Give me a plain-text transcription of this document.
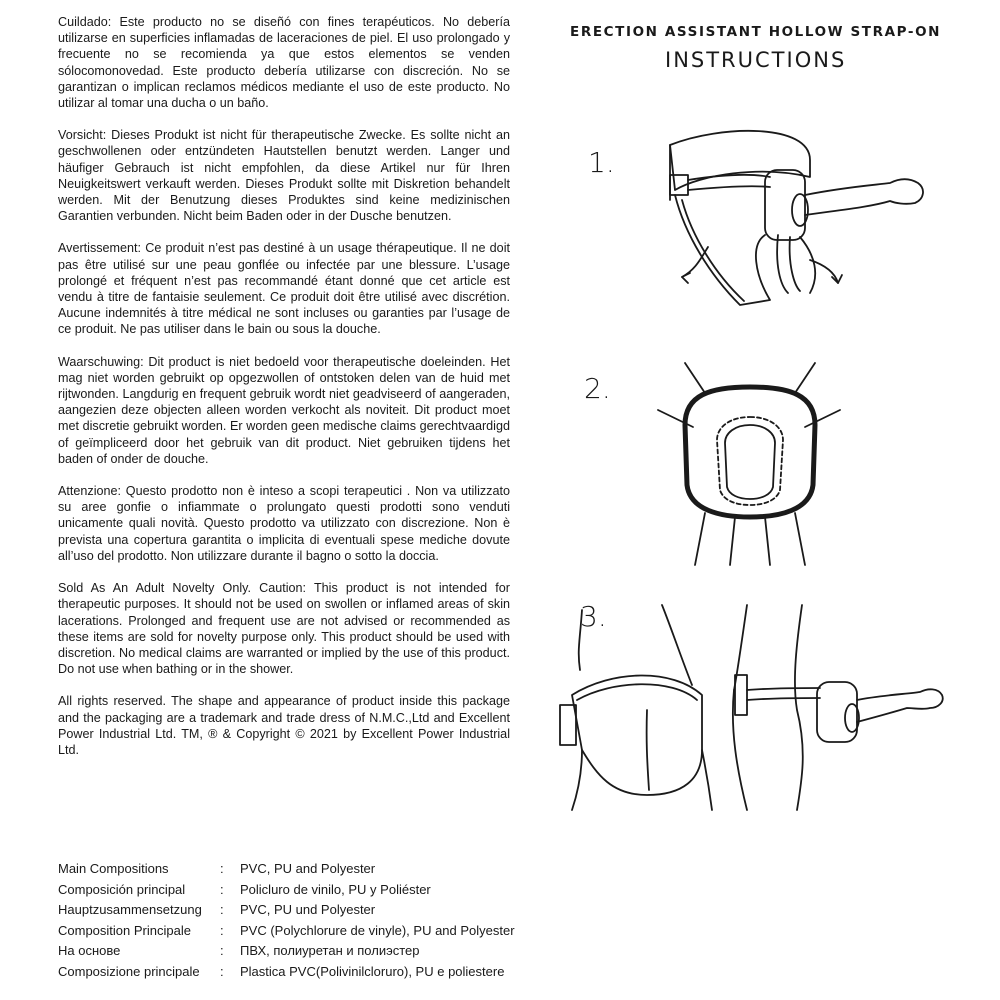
Cuildado: Este producto no se diseñó con fines terapéuticos. No debería utilizarse en superficies inflamadas de laceraciones de piel. El uso prolongado y frecuente no se recomienda ya que estos elementos se venden sólocomonovedad. Este producto debería utilizarse con discreción. No se garantizan o implican reclamos médicos mediante el uso de este producto. No utilizar al tomar una ducha o un baño.

Vorsicht: Dieses Produkt ist nicht für therapeutische Zwecke. Es sollte nicht an geschwollenen oder entzündeten Hautstellen benutzt werden. Langer und häufiger Gebrauch ist nicht empfohlen, da diese Artikel nur für Ihren Neuigkeitswert verkauft werden. Dieses Produkt sollte mit Diskretion behandelt werden. Mit der Benutzung dieses Produktes sind keine medizinischen Garantien verbunden. Nicht beim Baden oder in der Dusche benutzen.

Avertissement: Ce produit n’est pas destiné à un usage thérapeutique. Il ne doit pas être utilisé sur une peau gonflée ou infectée par une blessure. L’usage prolongé et fréquent n’est pas recommandé étant donné que cet article est vendu à titre de fantaisie seulement. Ce produit doit être utilisé avec discrétion. Aucune indemnités à titre médical ne sont incluses ou garanties par l’usage de ce produit. Ne pas utiliser dans le bain ou sous la douche.

Waarschuwing: Dit product is niet bedoeld voor therapeutische doeleinden. Het mag niet worden gebruikt op opgezwollen of ontstoken delen van de huid met rijtwonden. Langdurig en frequent gebruik wordt niet geadviseerd of aangeraden, aangezien deze objecten alleen worden verkocht als noviteit. Dit product moet met discretie gebruikt worden. Er worden geen medische claims gerechtvaardigd of geïmpliceerd door het gebruik van dit product. Niet gebruiken tijdens het baden of onder de douche.

Attenzione: Questo prodotto non è inteso a scopi terapeutici . Non va utilizzato su aree gonfie o infiammate o prolungato questi prodotti sono venduti unicamente quali novità. Questo prodotto va utilizzato con discrezione. Non è prevista una copertura garantita o implicita di eventuali spese mediche dovute all’uso del prodotto. Non utilizzare durante il bagno o sotto la doccia.

Sold As An Adult Novelty Only. Caution: This product is not intended for therapeutic purposes. It should not be used on swollen or inflamed areas of skin lacerations. Prolonged and frequent use are not advised or recommended as these items are sold for novelty purpose only. This product should be used with discretion. No medical claims are warranted or implied by the use of this product. Do not use when bathing or in the shower.

All rights reserved. The shape and appearance of product inside this package and the packaging are a trademark and trade dress of N.M.C.,Ltd and Excellent Power Industrial Ltd. TM, ® & Copyright © 2021 by Excellent Power Industrial Ltd.

Main Compositions	:	PVC, PU and Polyester
Composición principal	:	Policluro de vinilo, PU y Poliéster
Hauptzusammensetzung	:	PVC, PU und Polyester
Composition Principale	:	PVC (Polychlorure de vinyle), PU and Polyester
На основе	:	ПВХ, полиуретан и полиэстер
Composizione principale	:	Plastica PVC(Polivinilcloruro), PU e poliestere
ERECTION ASSISTANT HOLLOW STRAP-ON
INSTRUCTIONS
1.
2.
3.
